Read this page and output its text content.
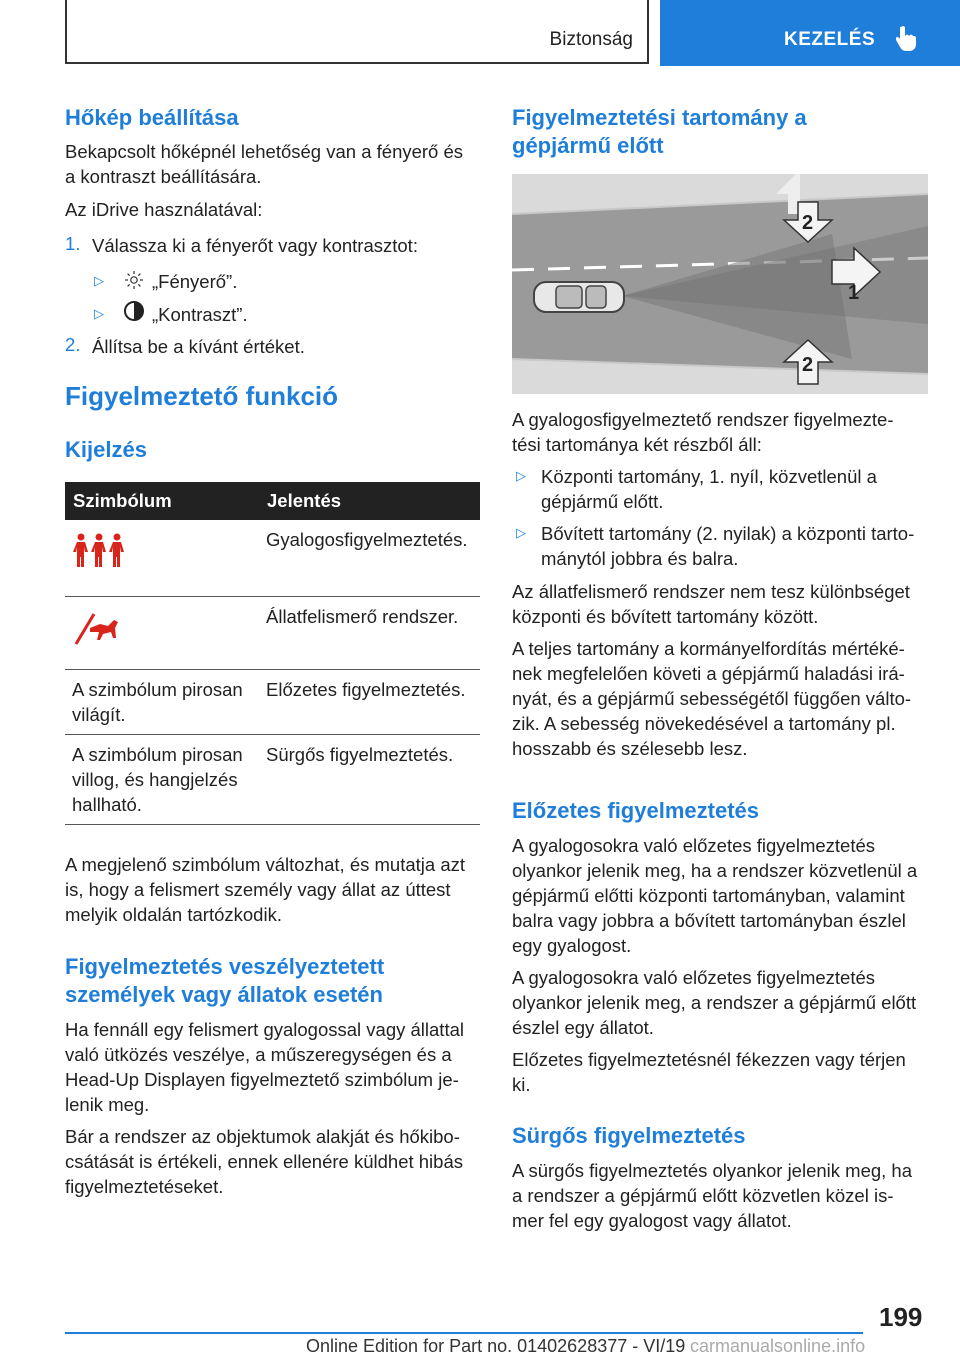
Biztonság	KEZELÉS
Hőkép beállítása
Bekapcsolt hőképnél lehetőség van a fényerő és
a kontraszt beállítására.
Az iDrive használatával:
1. Válassza ki a fényerőt vagy kontrasztot:
▷	„Fényerő”.
▷	„Kontraszt”.
2. Állítsa be a kívánt értéket.
Figyelmeztető funkció
Kijelzés
Szimbólum	Jelentés
	Gyalogosfigyelmeztetés.
	Állatfelismerő rendszer.
A szimbólum pirosan világít.	Előzetes figyelmeztetés.
A szimbólum pirosan villog, és hangjelzés hallható.	Sürgős figyelmeztetés.
A megjelenő szimbólum változhat, és mutatja azt
is, hogy a felismert személy vagy állat az úttest
melyik oldalán tartózkodik.
Figyelmeztetés veszélyeztetett
személyek vagy állatok esetén
Ha fennáll egy felismert gyalogossal vagy állattal
való ütközés veszélye, a műszeregységen és a
Head-Up Displayen figyelmeztető szimbólum je-
lenik meg.
Bár a rendszer az objektumok alakját és hőkibo-
csátását is értékeli, ennek ellenére küldhet hibás
figyelmeztetéseket.
Figyelmeztetési tartomány a
gépjármű előtt
2
1
2
A gyalogosfigyelmeztető rendszer figyelmezte-
tési tartománya két részből áll:
▷ Központi tartomány, 1. nyíl, közvetlenül a
gépjármű előtt.
▷ Bővített tartomány (2. nyilak) a központi tarto-
mánytól jobbra és balra.
Az állatfelismerő rendszer nem tesz különbséget
központi és bővített tartomány között.
A teljes tartomány a kormányelfordítás mértéké-
nek megfelelően követi a gépjármű haladási irá-
nyát, és a gépjármű sebességétől függően válto-
zik. A sebesség növekedésével a tartomány pl.
hosszabb és szélesebb lesz.
Előzetes figyelmeztetés
A gyalogosokra való előzetes figyelmeztetés
olyankor jelenik meg, ha a rendszer közvetlenül a
gépjármű előtti központi tartományban, valamint
balra vagy jobbra a bővített tartományban észlel
egy gyalogost.
A gyalogosokra való előzetes figyelmeztetés
olyankor jelenik meg, a rendszer a gépjármű előtt
észlel egy állatot.
Előzetes figyelmeztetésnél fékezzen vagy térjen
ki.
Sürgős figyelmeztetés
A sürgős figyelmeztetés olyankor jelenik meg, ha
a rendszer a gépjármű előtt közvetlen közel is-
mer fel egy gyalogost vagy állatot.
199
Online Edition for Part no. 01402628377 - VI/19 carmanualsonline.info
